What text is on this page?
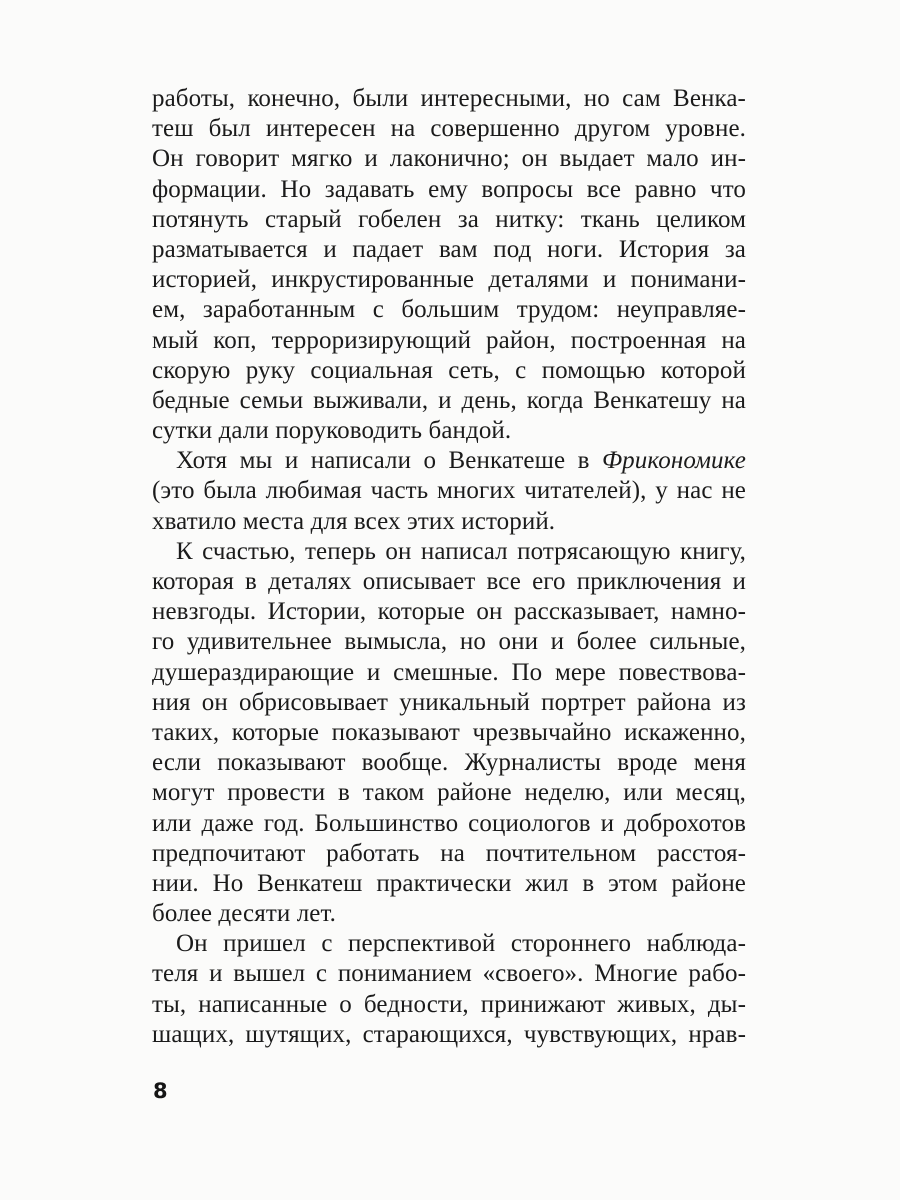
работы, конечно, были интересными, но сам Венка-
теш был интересен на совершенно другом уровне.
Он говорит мягко и лаконично; он выдает мало ин-
формации. Но задавать ему вопросы все равно что
потянуть старый гобелен за нитку: ткань целиком
разматывается и падает вам под ноги. История за
историей, инкрустированные деталями и понимани-
ем, заработанным с большим трудом: неуправляе-
мый коп, терроризирующий район, построенная на
скорую руку социальная сеть, с помощью которой
бедные семьи выживали, и день, когда Венкатешу на
сутки дали поруководить бандой.
Хотя мы и написали о Венкатеше в Фрикономике
(это была любимая часть многих читателей), у нас не
хватило места для всех этих историй.
К счастью, теперь он написал потрясающую книгу,
которая в деталях описывает все его приключения и
невзгоды. Истории, которые он рассказывает, намно-
го удивительнее вымысла, но они и более сильные,
душераздирающие и смешные. По мере повествова-
ния он обрисовывает уникальный портрет района из
таких, которые показывают чрезвычайно искаженно,
если показывают вообще. Журналисты вроде меня
могут провести в таком районе неделю, или месяц,
или даже год. Большинство социологов и доброхотов
предпочитают работать на почтительном расстоя-
нии. Но Венкатеш практически жил в этом районе
более десяти лет.
Он пришел с перспективой стороннего наблюда-
теля и вышел с пониманием «своего». Многие рабо-
ты, написанные о бедности, принижают живых, ды-
шащих, шутящих, старающихся, чувствующих, нрав-
8
